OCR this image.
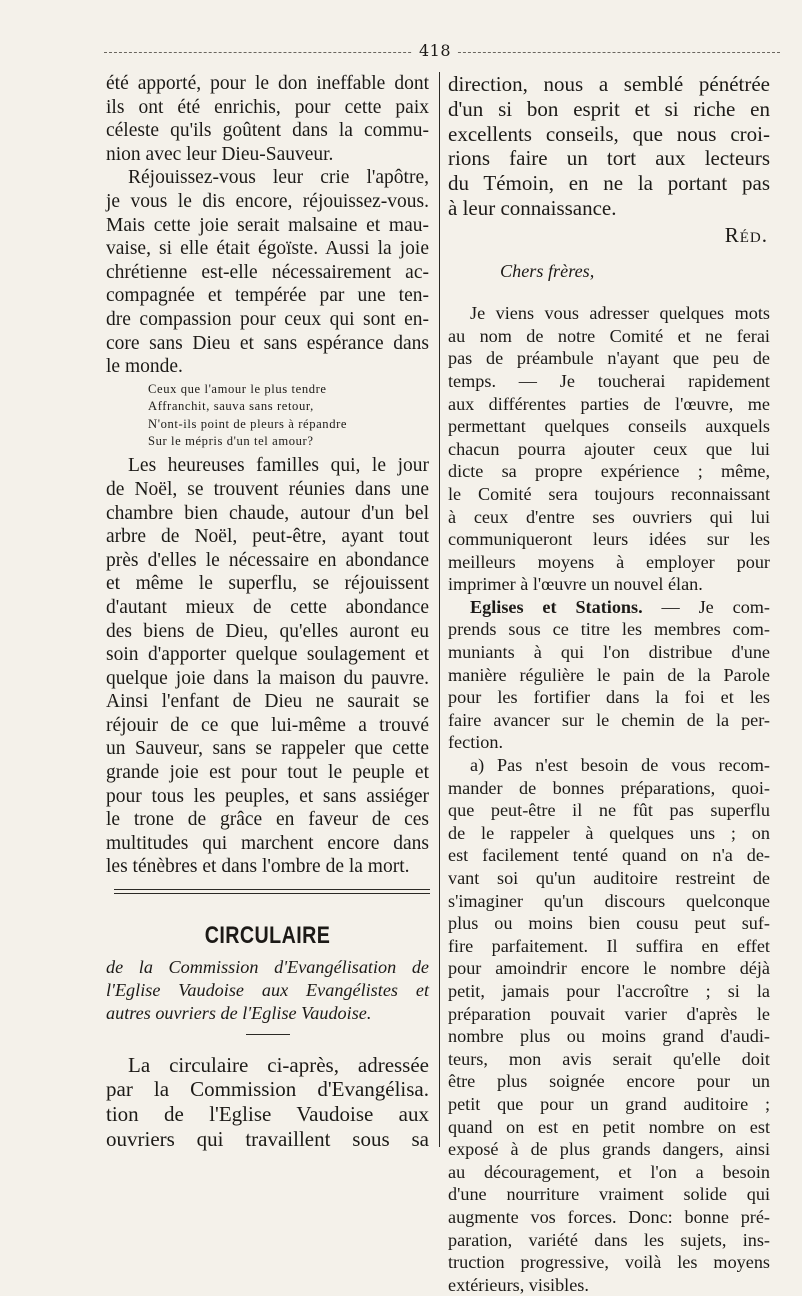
418
été apporté, pour le don ineffable dont
ils ont été enrichis, pour cette paix
céleste qu'ils goûtent dans la commu-
nion avec leur Dieu-Sauveur.
Réjouissez-vous leur crie l'apôtre,
je vous le dis encore, réjouissez-vous.
Mais cette joie serait malsaine et mau-
vaise, si elle était égoïste. Aussi la joie
chrétienne est-elle nécessairement ac-
compagnée et tempérée par une ten-
dre compassion pour ceux qui sont en-
core sans Dieu et sans espérance dans
le monde.
Ceux que l'amour le plus tendre
Affranchit, sauva sans retour,
N'ont-ils point de pleurs à répandre
Sur le mépris d'un tel amour?
Les heureuses familles qui, le jour
de Noël, se trouvent réunies dans une
chambre bien chaude, autour d'un bel
arbre de Noël, peut-être, ayant tout
près d'elles le nécessaire en abondance
et même le superflu, se réjouissent
d'autant mieux de cette abondance
des biens de Dieu, qu'elles auront eu
soin d'apporter quelque soulagement et
quelque joie dans la maison du pauvre.
Ainsi l'enfant de Dieu ne saurait se
réjouir de ce que lui-même a trouvé
un Sauveur, sans se rappeler que cette
grande joie est pour tout le peuple et
pour tous les peuples, et sans assiéger
le trone de grâce en faveur de ces
multitudes qui marchent encore dans
les ténèbres et dans l'ombre de la mort.
CIRCULAIRE
de la Commission d'Evangélisation de
l'Eglise Vaudoise aux Evangélistes et
autres ouvriers de l'Eglise Vaudoise.
La circulaire ci-après, adressée
par la Commission d'Evangélisa.
tion de l'Eglise Vaudoise aux
ouvriers qui travaillent sous sa
direction, nous a semblé pénétrée
d'un si bon esprit et si riche en
excellents conseils, que nous croi-
rions faire un tort aux lecteurs
du Témoin, en ne la portant pas
à leur connaissance.
Réd.
Chers frères,
Je viens vous adresser quelques mots
au nom de notre Comité et ne ferai
pas de préambule n'ayant que peu de
temps. — Je toucherai rapidement
aux différentes parties de l'œuvre, me
permettant quelques conseils auxquels
chacun pourra ajouter ceux que lui
dicte sa propre expérience ; même,
le Comité sera toujours reconnaissant
à ceux d'entre ses ouvriers qui lui
communiqueront leurs idées sur les
meilleurs moyens à employer pour
imprimer à l'œuvre un nouvel élan.
Eglises et Stations. — Je com-
prends sous ce titre les membres com-
muniants à qui l'on distribue d'une
manière régulière le pain de la Parole
pour les fortifier dans la foi et les
faire avancer sur le chemin de la per-
fection.
a) Pas n'est besoin de vous recom-
mander de bonnes préparations, quoi-
que peut-être il ne fût pas superflu
de le rappeler à quelques uns ; on
est facilement tenté quand on n'a de-
vant soi qu'un auditoire restreint de
s'imaginer qu'un discours quelconque
plus ou moins bien cousu peut suf-
fire parfaitement. Il suffira en effet
pour amoindrir encore le nombre déjà
petit, jamais pour l'accroître ; si la
préparation pouvait varier d'après le
nombre plus ou moins grand d'audi-
teurs, mon avis serait qu'elle doit
être plus soignée encore pour un
petit que pour un grand auditoire ;
quand on est en petit nombre on est
exposé à de plus grands dangers, ainsi
au découragement, et l'on a besoin
d'une nourriture vraiment solide qui
augmente vos forces. Donc: bonne pré-
paration, variété dans les sujets, ins-
truction progressive, voilà les moyens
extérieurs, visibles.
